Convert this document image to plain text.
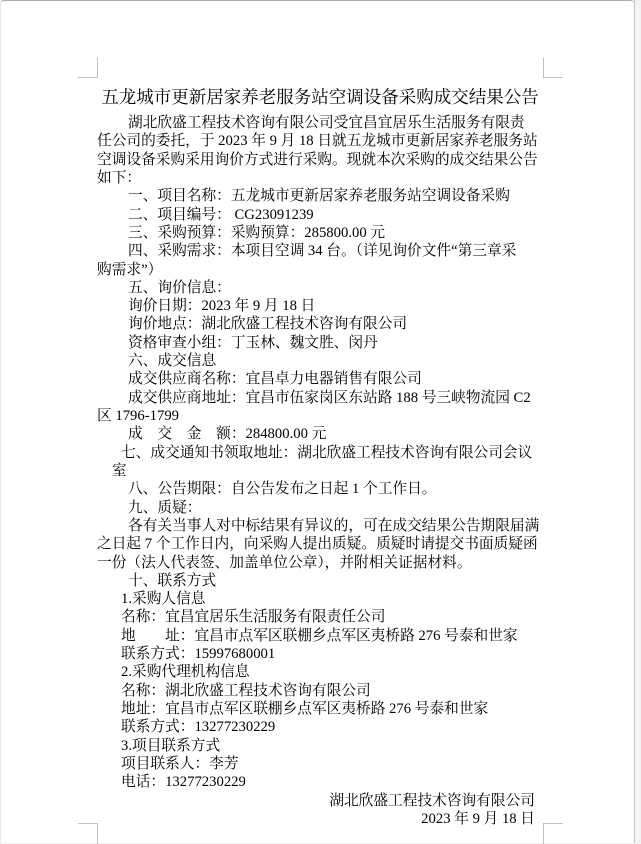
五龙城市更新居家养老服务站空调设备采购成交结果公告
湖北欣盛工程技术咨询有限公司受宜昌宜居乐生活服务有限责
任公司的委托，于 2023 年 9 月 18 日就五龙城市更新居家养老服务站
空调设备采购采用询价方式进行采购。现就本次采购的成交结果公告
如下：
一、项目名称：五龙城市更新居家养老服务站空调设备采购
二、项目编号： CG23091239
三、采购预算：采购预算：285800.00 元
四、采购需求：本项目空调 34 台。（详见询价文件“第三章采
购需求”）
五、询价信息：
询价日期：2023 年 9 月 18 日
询价地点：湖北欣盛工程技术咨询有限公司
资格审查小组：丁玉林、魏文胜、闵丹
六、成交信息
成交供应商名称：宜昌卓力电器销售有限公司
成交供应商地址：宜昌市伍家岗区东站路 188 号三峡物流园 C2
区 1796-1799
成　交　金　额：284800.00 元
七、成交通知书领取地址：湖北欣盛工程技术咨询有限公司会议
室
八、公告期限：自公告发布之日起 1 个工作日。
九、质疑：
各有关当事人对中标结果有异议的，可在成交结果公告期限届满
之日起 7 个工作日内，向采购人提出质疑。质疑时请提交书面质疑函
一份（法人代表签、加盖单位公章），并附相关证据材料。
十、联系方式
1.采购人信息
名称：宜昌宜居乐生活服务有限责任公司
地　　址：宜昌市点军区联棚乡点军区夷桥路 276 号泰和世家
联系方式：15997680001
2.采购代理机构信息
名称：湖北欣盛工程技术咨询有限公司
地址：宜昌市点军区联棚乡点军区夷桥路 276 号泰和世家
联系方式：13277230229
3.项目联系方式
项目联系人：李芳
电话：13277230229
湖北欣盛工程技术咨询有限公司
2023 年 9 月 18 日
